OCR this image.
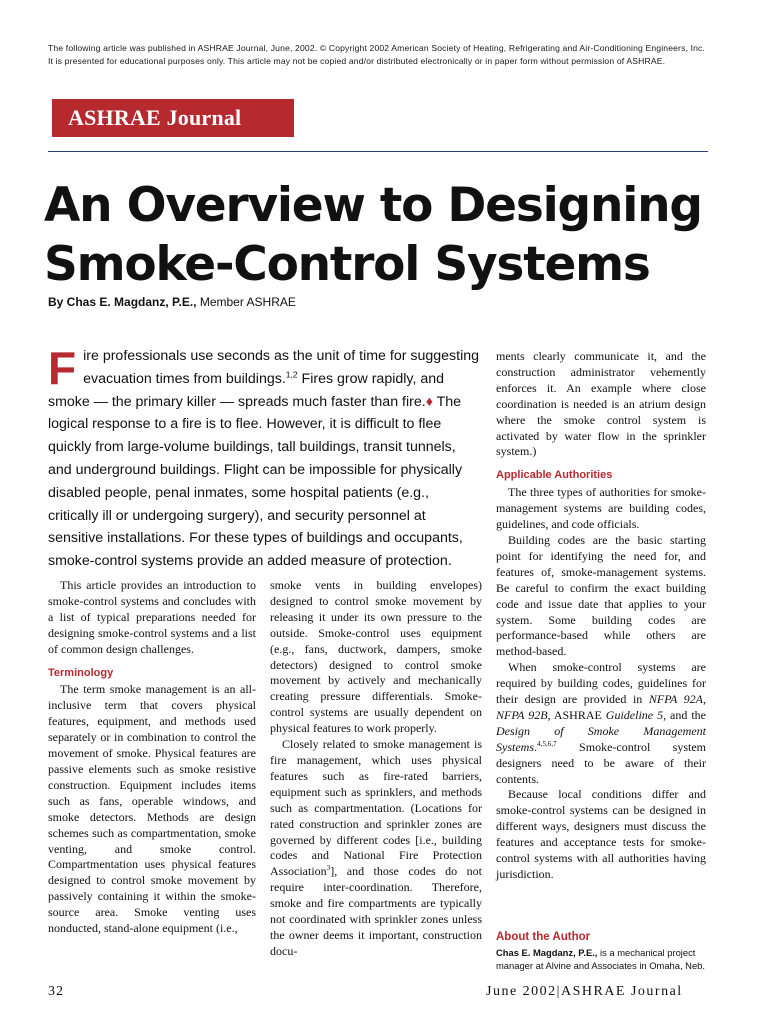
The following article was published in ASHRAE Journal, June, 2002. © Copyright 2002 American Society of Heating, Refrigerating and Air-Conditioning Engineers, Inc. It is presented for educational purposes only. This article may not be copied and/or distributed electronically or in paper form without permission of ASHRAE.
ASHRAE Journal
An Overview to Designing Smoke-Control Systems
By Chas E. Magdanz, P.E., Member ASHRAE
Fire professionals use seconds as the unit of time for suggesting evacuation times from buildings.$^{1,2}$ Fires grow rapidly, and smoke — the primary killer — spreads much faster than fire.♦ The logical response to a fire is to flee. However, it is difficult to flee quickly from large-volume buildings, tall buildings, transit tunnels, and underground buildings. Flight can be impossible for physically disabled people, penal inmates, some hospital patients (e.g., critically ill or undergoing surgery), and security personnel at sensitive installations. For these types of buildings and occupants, smoke-control systems provide an added measure of protection.

This article provides an introduction to smoke-control systems and concludes with a list of typical preparations needed for designing smoke-control systems and a list of common design challenges.

Terminology

The term smoke management is an all-inclusive term that covers physical features, equipment, and methods used separately or in combination to control the movement of smoke. Physical features are passive elements such as smoke resistive construction. Equipment includes items such as fans, operable windows, and smoke detectors. Methods are design schemes such as compartmentation, smoke venting, and smoke control. Compartmentation uses physical features designed to control smoke movement by passively containing it within the smoke-source area. Smoke venting uses nonducted, stand-alone equipment (i.e.,

smoke vents in building envelopes) designed to control smoke movement by releasing it under its own pressure to the outside. Smoke-control uses equipment (e.g., fans, ductwork, dampers, smoke detectors) designed to control smoke movement by actively and mechanically creating pressure differentials. Smoke-control systems are usually dependent on physical features to work properly.

Closely related to smoke management is fire management, which uses physical features such as fire-rated barriers, equipment such as sprinklers, and methods such as compartmentation. (Locations for rated construction and sprinkler zones are governed by different codes [i.e., building codes and National Fire Protection Association$^3$], and those codes do not require inter-coordination. Therefore, smoke and fire compartments are typically not coordinated with sprinkler zones unless the owner deems it important, construction docu-

ments clearly communicate it, and the construction administrator vehemently enforces it. An example where close coordination is needed is an atrium design where the smoke control system is activated by water flow in the sprinkler system.)

Applicable Authorities

The three types of authorities for smoke-management systems are building codes, guidelines, and code officials.

Building codes are the basic starting point for identifying the need for, and features of, smoke-management systems. Be careful to confirm the exact building code and issue date that applies to your system. Some building codes are performance-based while others are method-based.

When smoke-control systems are required by building codes, guidelines for their design are provided in NFPA 92A, NFPA 92B, ASHRAE Guideline 5, and the Design of Smoke Management Systems.$^{4,5,6,7}$ Smoke-control system designers need to be aware of their contents.

Because local conditions differ and smoke-control systems can be designed in different ways, designers must discuss the features and acceptance tests for smoke-control systems with all authorities having jurisdiction.

About the Author
Chas E. Magdanz, P.E., is a mechanical project manager at Alvine and Associates in Omaha, Neb.
32	June 2002|ASHRAE Journal
